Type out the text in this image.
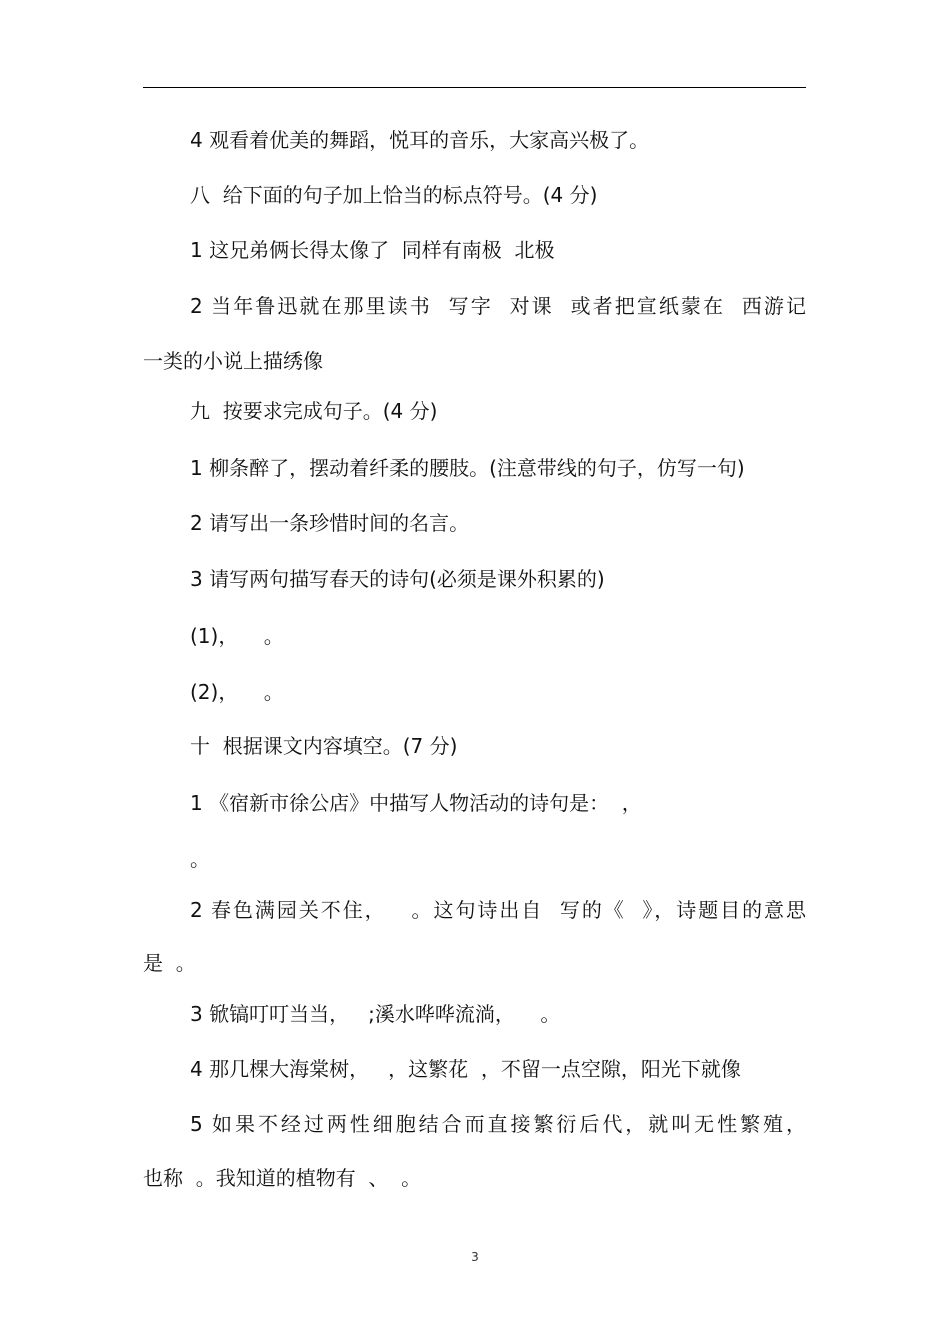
4 观看着优美的舞蹈，悦耳的音乐，大家高兴极了。
八  给下面的句子加上恰当的标点符号。(4 分)
1 这兄弟俩长得太像了  同样有南极  北极
2 当年鲁迅就在那里读书  写字  对课  或者把宣纸蒙在  西游记
一类的小说上描绣像
九  按要求完成句子。(4 分)
1 柳条醉了，摆动着纤柔的腰肢。(注意带线的句子，仿写一句)
2 请写出一条珍惜时间的名言。
3 请写两句描写春天的诗句(必须是课外积累的)
(1)，    。
(2)，    。
十  根据课文内容填空。(7 分)
1 《宿新市徐公店》中描写人物活动的诗句是：  ，
。
2 春色满园关不住，   。这句诗出自  写的《  》，诗题目的意思
是  。
3 锨镐叮叮当当，   ;溪水哗哗流淌，    。
4 那几棵大海棠树，   ，这繁花  ，不留一点空隙，阳光下就像
5 如果不经过两性细胞结合而直接繁衍后代，就叫无性繁殖，
也称  。我知道的植物有  、  。
3
